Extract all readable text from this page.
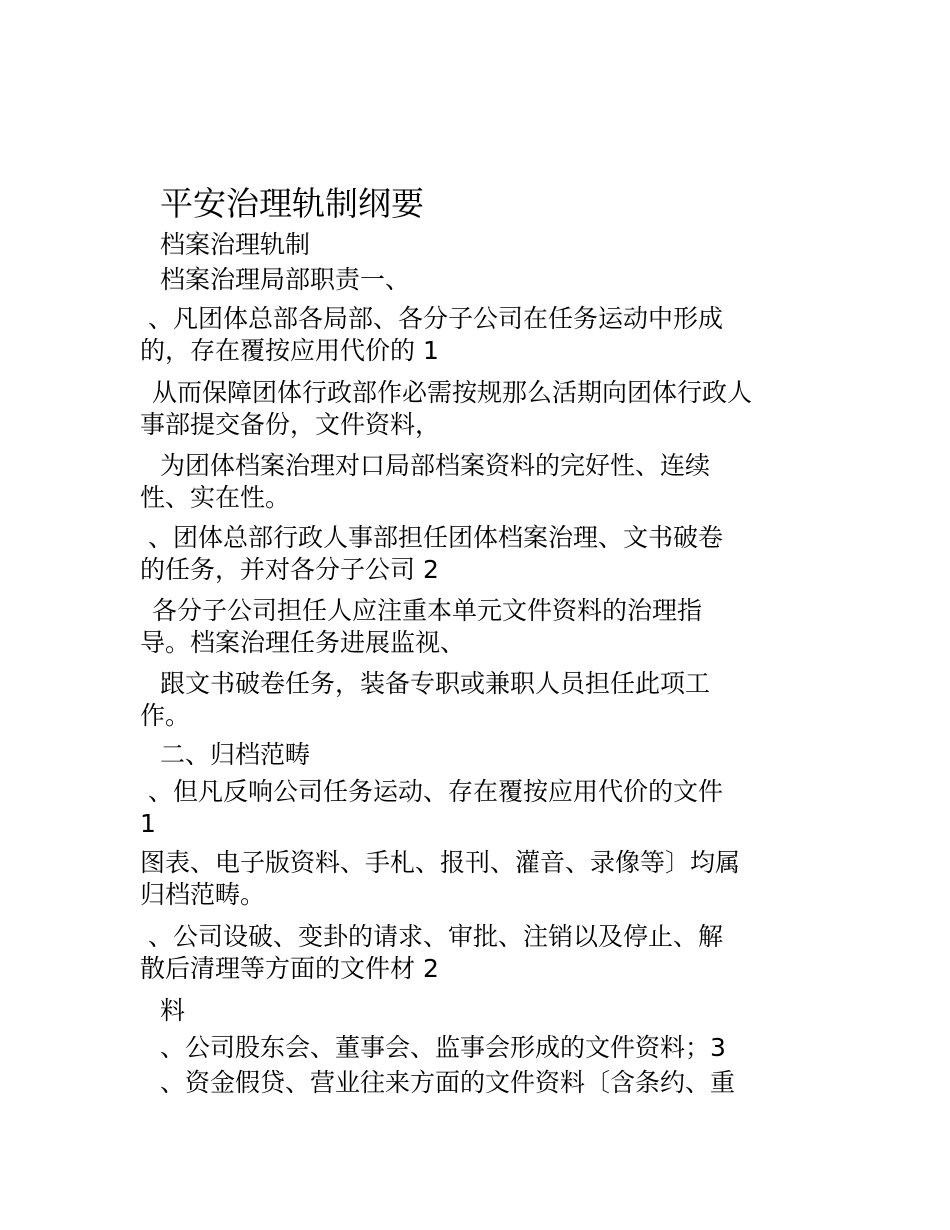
平安治理轨制纲要
档案治理轨制
档案治理局部职责一、
、凡团体总部各局部、各分子公司在任务运动中形成
的，存在覆按应用代价的 1
从而保障团体行政部作必需按规那么活期向团体行政人
事部提交备份，文件资料，
为团体档案治理对口局部档案资料的完好性、连续
性、实在性。
、团体总部行政人事部担任团体档案治理、文书破卷
的任务，并对各分子公司 2
各分子公司担任人应注重本单元文件资料的治理指
导。档案治理任务进展监视、
跟文书破卷任务，装备专职或兼职人员担任此项工
作。
二、归档范畴
、但凡反响公司任务运动、存在覆按应用代价的文件
1
图表、电子版资料、手札、报刊、灌音、录像等〕均属
归档范畴。
、公司设破、变卦的请求、审批、注销以及停止、解
散后清理等方面的文件材 2
料
、公司股东会、董事会、监事会形成的文件资料；3
、资金假贷、营业往来方面的文件资料〔含条约、重
